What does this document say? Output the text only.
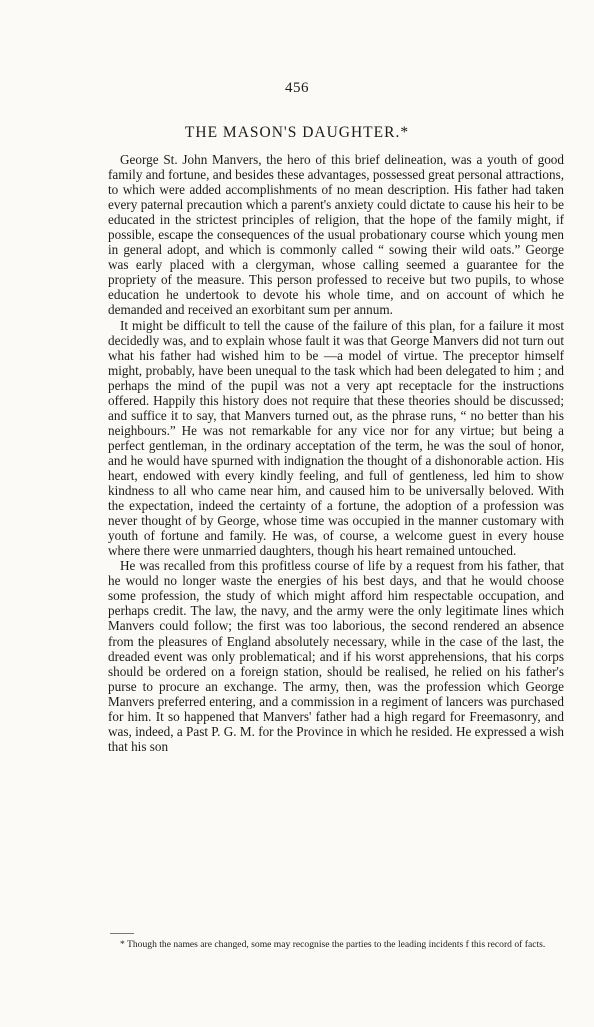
456
THE MASON'S DAUGHTER.*

George St. John Manvers, the hero of this brief delineation, was a youth of good family and fortune, and besides these advantages, possessed great personal attractions, to which were added accomplishments of no mean description. His father had taken every paternal precaution which a parent's anxiety could dictate to cause his heir to be educated in the strictest principles of religion, that the hope of the family might, if possible, escape the consequences of the usual probationary course which young men in general adopt, and which is commonly called “ sowing their wild oats.” George was early placed with a clergyman, whose calling seemed a guarantee for the propriety of the measure. This person professed to receive but two pupils, to whose education he undertook to devote his whole time, and on account of which he demanded and received an exorbitant sum per annum.

It might be difficult to tell the cause of the failure of this plan, for a failure it most decidedly was, and to explain whose fault it was that George Manvers did not turn out what his father had wished him to be —a model of virtue. The preceptor himself might, probably, have been unequal to the task which had been delegated to him ; and perhaps the mind of the pupil was not a very apt receptacle for the instructions offered. Happily this history does not require that these theories should be discussed; and suffice it to say, that Manvers turned out, as the phrase runs, “ no better than his neighbours.” He was not remarkable for any vice nor for any virtue; but being a perfect gentleman, in the ordinary acceptation of the term, he was the soul of honor, and he would have spurned with indignation the thought of a dishonorable action. His heart, endowed with every kindly feeling, and full of gentleness, led him to show kindness to all who came near him, and caused him to be universally beloved. With the expectation, indeed the certainty of a fortune, the adoption of a profession was never thought of by George, whose time was occupied in the manner customary with youth of fortune and family. He was, of course, a welcome guest in every house where there were unmarried daughters, though his heart remained untouched.

He was recalled from this profitless course of life by a request from his father, that he would no longer waste the energies of his best days, and that he would choose some profession, the study of which might afford him respectable occupation, and perhaps credit. The law, the navy, and the army were the only legitimate lines which Manvers could follow; the first was too laborious, the second rendered an absence from the pleasures of England absolutely necessary, while in the case of the last, the dreaded event was only problematical; and if his worst apprehensions, that his corps should be ordered on a foreign station, should be realised, he relied on his father's purse to procure an exchange. The army, then, was the profession which George Manvers preferred entering, and a commission in a regiment of lancers was purchased for him. It so happened that Manvers' father had a high regard for Freemasonry, and was, indeed, a Past P. G. M. for the Province in which he resided. He expressed a wish that his son

* Though the names are changed, some may recognise the parties to the leading incidents f this record of facts.
